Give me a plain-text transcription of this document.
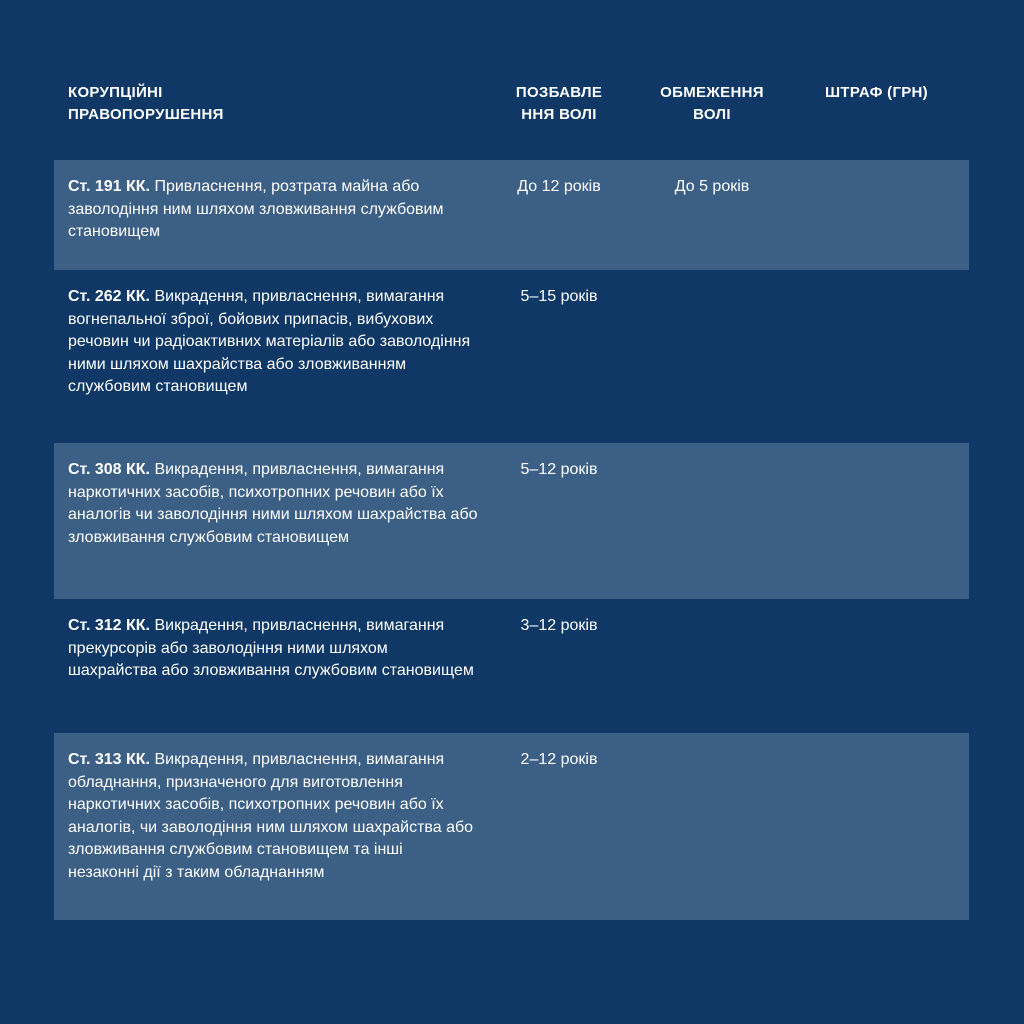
КОРУПЦІЙНІ
ПРАВОПОРУШЕННЯ
ПОЗБАВЛЕ
ННЯ ВОЛІ
ОБМЕЖЕННЯ
ВОЛІ
ШТРАФ (ГРН)
Ст. 191 КК. Привласнення, розтрата майна або заволодіння ним шляхом зловживання службовим становищем
До 12 років	До 5 років
Ст. 262 КК. Викрадення, привласнення, вимагання вогнепальної зброї, бойових припасів, вибухових речовин чи радіоактивних матеріалів або заволодіння ними шляхом шахрайства або зловживанням службовим становищем
5–15 років
Ст. 308 КК. Викрадення, привласнення, вимагання наркотичних засобів, психотропних речовин або їх аналогів чи заволодіння ними шляхом шахрайства або зловживання службовим становищем
5–12 років
Ст. 312 КК. Викрадення, привласнення, вимагання прекурсорів або заволодіння ними шляхом шахрайства або зловживання службовим становищем
3–12 років
Ст. 313 КК. Викрадення, привласнення, вимагання обладнання, призначеного для виготовлення наркотичних засобів, психотропних речовин або їх аналогів, чи заволодіння ним шляхом шахрайства або зловживання службовим становищем та інші незаконні дії з таким обладнанням
2–12 років
